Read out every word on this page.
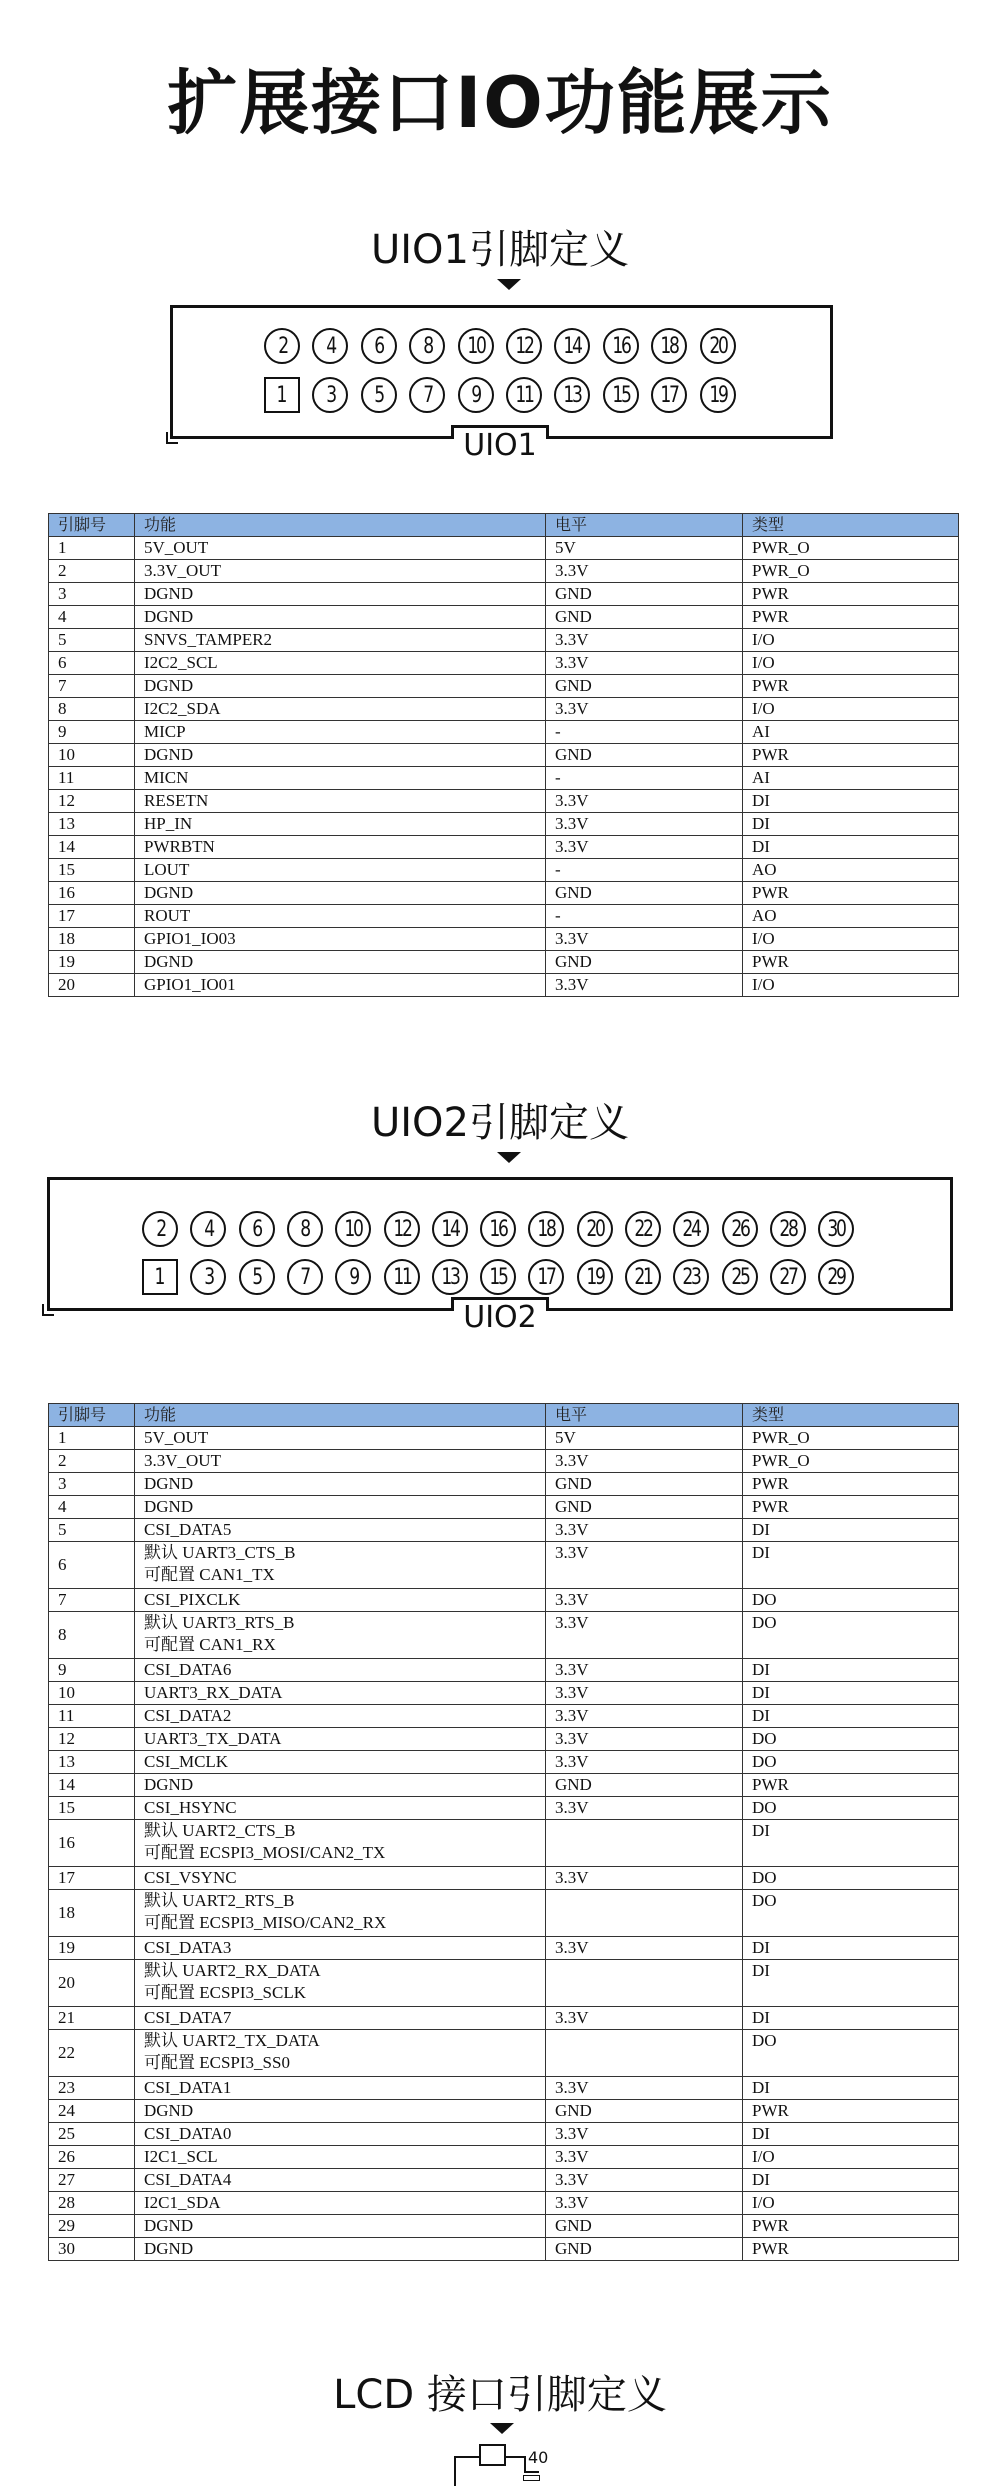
扩展接口IO功能展示
UIO1引脚定义
UIO1
2 4 6 8 10 12 14 16 18 20
1 3 5 7 9 11 13 15 17 19
引脚号	功能	电平	类型
1	5V_OUT	5V	PWR_O
2	3.3V_OUT	3.3V	PWR_O
3	DGND	GND	PWR
4	DGND	GND	PWR
5	SNVS_TAMPER2	3.3V	I/O
6	I2C2_SCL	3.3V	I/O
7	DGND	GND	PWR
8	I2C2_SDA	3.3V	I/O
9	MICP	-	AI
10	DGND	GND	PWR
11	MICN	-	AI
12	RESETN	3.3V	DI
13	HP_IN	3.3V	DI
14	PWRBTN	3.3V	DI
15	LOUT	-	AO
16	DGND	GND	PWR
17	ROUT	-	AO
18	GPIO1_IO03	3.3V	I/O
19	DGND	GND	PWR
20	GPIO1_IO01	3.3V	I/O
UIO2引脚定义
UIO2
2 4 6 8 10 12 14 16 18 20 22 24 26 28 30
1 3 5 7 9 11 13 15 17 19 21 23 25 27 29
引脚号	功能	电平	类型
1	5V_OUT	5V	PWR_O
2	3.3V_OUT	3.3V	PWR_O
3	DGND	GND	PWR
4	DGND	GND	PWR
5	CSI_DATA5	3.3V	DI
6	默认 UART3_CTS_B
可配置 CAN1_TX	3.3V	DI
7	CSI_PIXCLK	3.3V	DO
8	默认 UART3_RTS_B
可配置 CAN1_RX	3.3V	DO
9	CSI_DATA6	3.3V	DI
10	UART3_RX_DATA	3.3V	DI
11	CSI_DATA2	3.3V	DI
12	UART3_TX_DATA	3.3V	DO
13	CSI_MCLK	3.3V	DO
14	DGND	GND	PWR
15	CSI_HSYNC	3.3V	DO
16	默认 UART2_CTS_B
可配置 ECSPI3_MOSI/CAN2_TX		DI
17	CSI_VSYNC	3.3V	DO
18	默认 UART2_RTS_B
可配置 ECSPI3_MISO/CAN2_RX		DO
19	CSI_DATA3	3.3V	DI
20	默认 UART2_RX_DATA
可配置 ECSPI3_SCLK		DI
21	CSI_DATA7	3.3V	DI
22	默认 UART2_TX_DATA
可配置 ECSPI3_SS0		DO
23	CSI_DATA1	3.3V	DI
24	DGND	GND	PWR
25	CSI_DATA0	3.3V	DI
26	I2C1_SCL	3.3V	I/O
27	CSI_DATA4	3.3V	DI
28	I2C1_SDA	3.3V	I/O
29	DGND	GND	PWR
30	DGND	GND	PWR
LCD 接口引脚定义
40
